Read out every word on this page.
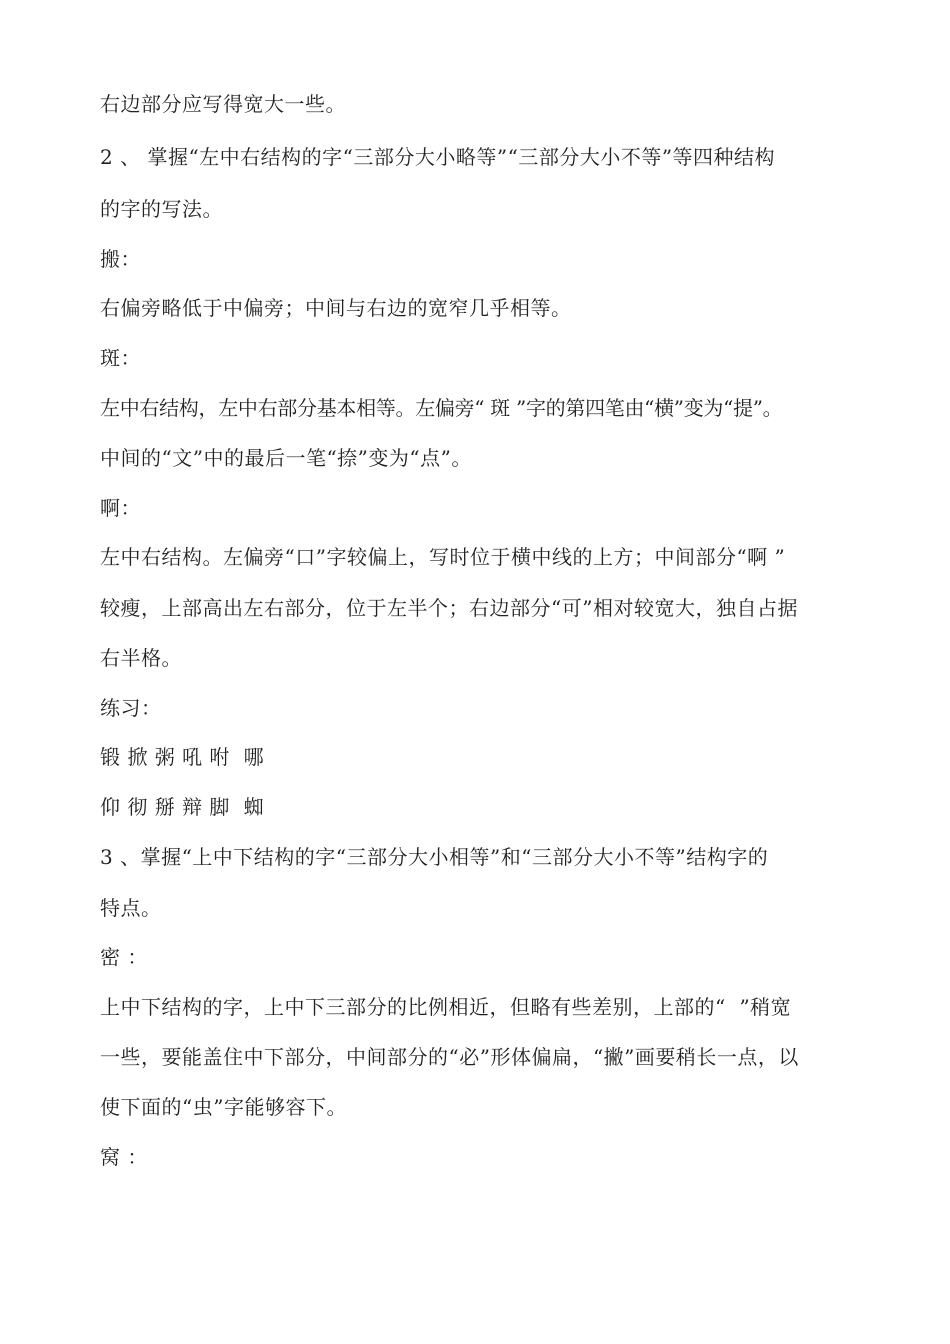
右边部分应写得宽大一些。
2 、 掌握“左中右结构的字“三部分大小略等”“三部分大小不等”等四种结构
的字的写法。
搬：
右偏旁略低于中偏旁；中间与右边的宽窄几乎相等。
斑：
左中右结构，左中右部分基本相等。左偏旁“ 斑 ”字的第四笔由“横”变为“提”。
中间的“文”中的最后一笔“捺”变为“点”。
啊：
左中右结构。左偏旁“口”字较偏上，写时位于横中线的上方；中间部分“啊 ”
较瘦，上部高出左右部分，位于左半个；右边部分“可”相对较宽大，独自占据
右半格。
练习：
锻 掀 粥 吼 咐  哪
仰 彻 掰 辩 脚  蜘
3 、掌握“上中下结构的字“三部分大小相等”和“三部分大小不等”结构字的
特点。
密 ：
上中下结构的字，上中下三部分的比例相近，但略有些差别，上部的“  ”稍宽
一些，要能盖住中下部分，中间部分的“必”形体偏扁，“撇”画要稍长一点，以
使下面的“虫”字能够容下。
窝 ：
